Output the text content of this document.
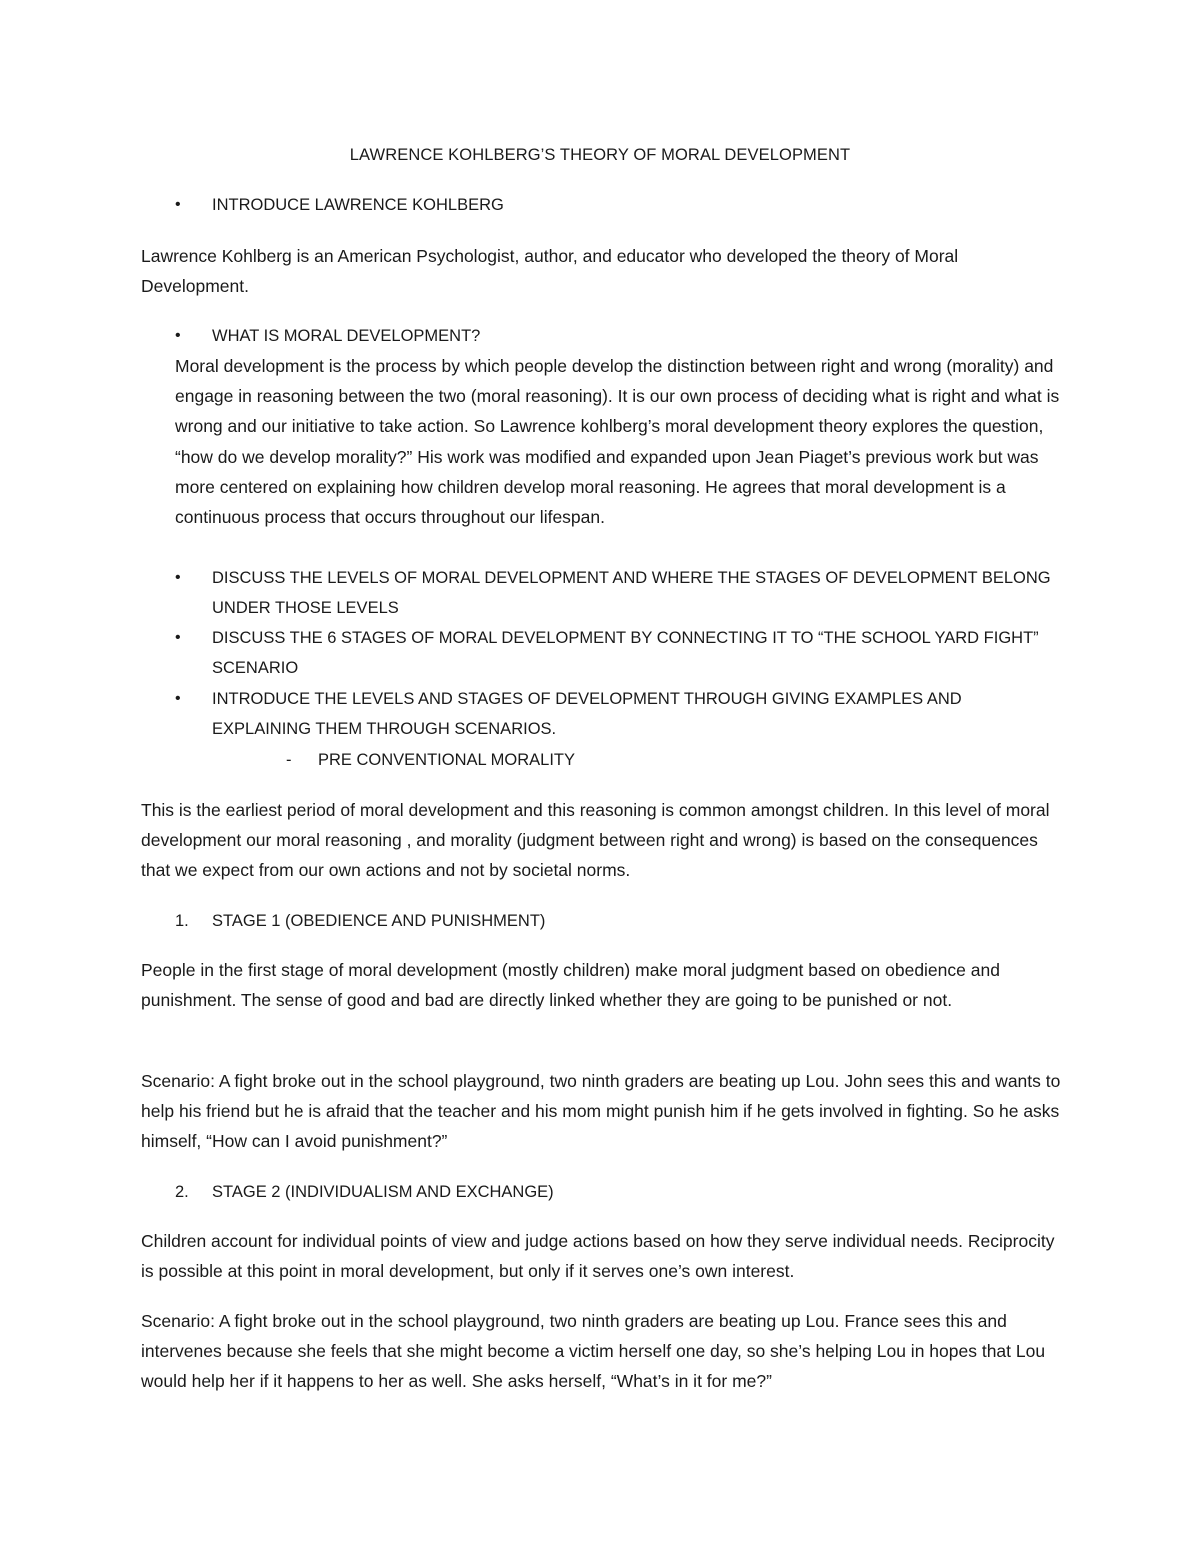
LAWRENCE KOHLBERG’S THEORY OF MORAL DEVELOPMENT
• INTRODUCE LAWRENCE KOHLBERG
Lawrence Kohlberg is an American Psychologist, author, and educator who developed the theory of Moral Development.
• WHAT IS MORAL DEVELOPMENT?
Moral development is the process by which people develop the distinction between right and wrong (morality) and engage in reasoning between the two (moral reasoning). It is our own process of deciding what is right and what is wrong and our initiative to take action. So Lawrence kohlberg’s moral development theory explores the question, “how do we develop morality?” His work was modified and expanded upon Jean Piaget’s previous work but was more centered on explaining how children develop moral reasoning. He agrees that moral development is a continuous process that occurs throughout our lifespan.
• DISCUSS THE LEVELS OF MORAL DEVELOPMENT AND WHERE THE STAGES OF DEVELOPMENT BELONG UNDER THOSE LEVELS
• DISCUSS THE 6 STAGES OF MORAL DEVELOPMENT BY CONNECTING IT TO “THE SCHOOL YARD FIGHT” SCENARIO
• INTRODUCE THE LEVELS AND STAGES OF DEVELOPMENT THROUGH GIVING EXAMPLES AND EXPLAINING THEM THROUGH SCENARIOS.
- PRE CONVENTIONAL MORALITY
This is the earliest period of moral development and this reasoning is common amongst children. In this level of moral development our moral reasoning , and morality (judgment between right and wrong) is based on the consequences that we expect from our own actions and not by societal norms.
1. STAGE 1 (OBEDIENCE AND PUNISHMENT)
People in the first stage of moral development (mostly children) make moral judgment based on obedience and punishment. The sense of good and bad are directly linked whether they are going to be punished or not.
Scenario: A fight broke out in the school playground, two ninth graders are beating up Lou. John sees this and wants to help his friend but he is afraid that the teacher and his mom might punish him if he gets involved in fighting. So he asks himself, “How can I avoid punishment?”
2. STAGE 2 (INDIVIDUALISM AND EXCHANGE)
Children account for individual points of view and judge actions based on how they serve individual needs. Reciprocity is possible at this point in moral development, but only if it serves one’s own interest.
Scenario: A fight broke out in the school playground, two ninth graders are beating up Lou. France sees this and intervenes because she feels that she might become a victim herself one day, so she’s helping Lou in hopes that Lou would help her if it happens to her as well. She asks herself, “What’s in it for me?”
